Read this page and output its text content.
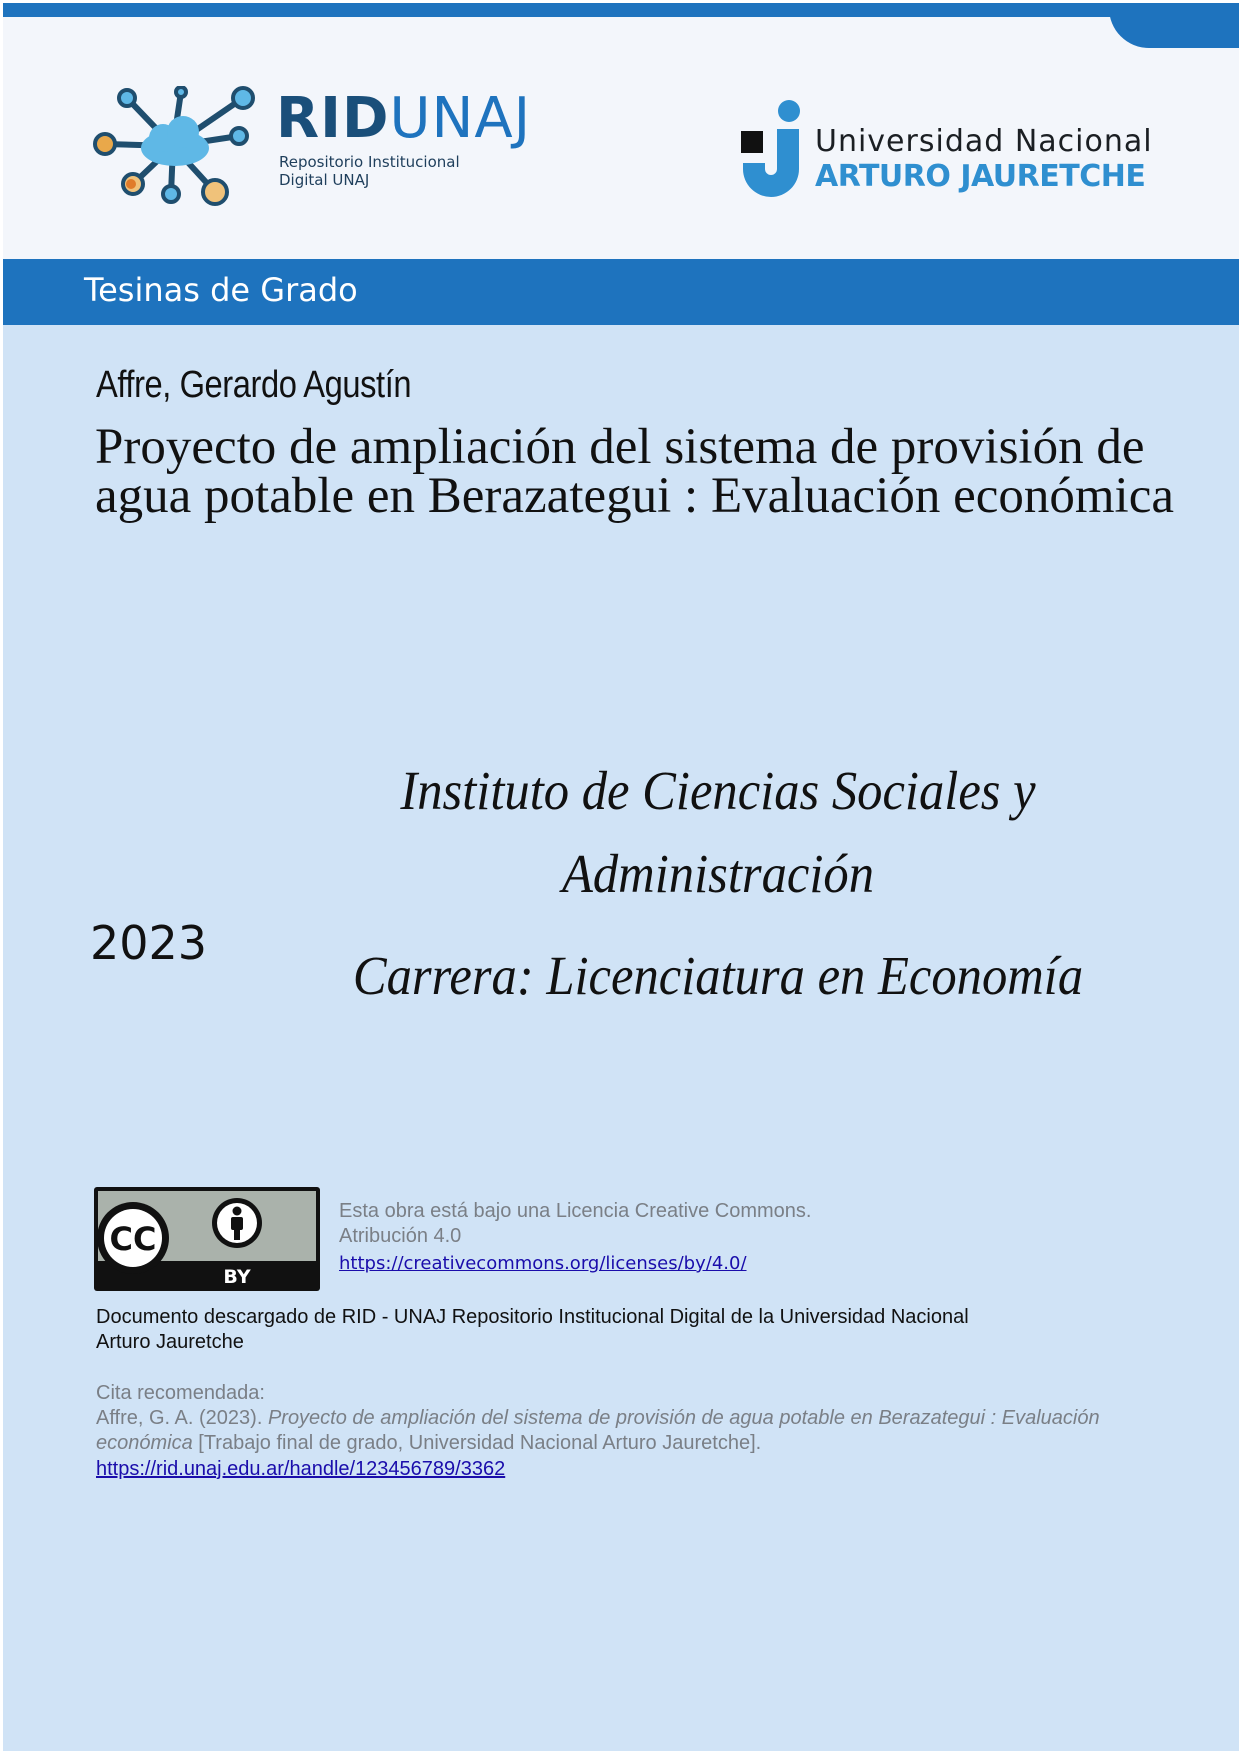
RIDUNAJ
Repositorio Institucional
Digital UNAJ
Universidad Nacional
ARTURO JAURETCHE
Tesinas de Grado
Affre, Gerardo Agustín
Proyecto de ampliación del sistema de provisión de agua potable en Berazategui : Evaluación económica
Instituto de Ciencias Sociales y Administración
Carrera: Licenciatura en Economía
2023
CC
BY
Esta obra está bajo una Licencia Creative Commons.
Atribución 4.0
https://creativecommons.org/licenses/by/4.0/
Documento descargado de RID - UNAJ Repositorio Institucional Digital de la Universidad Nacional Arturo Jauretche
Cita recomendada:
Affre, G. A. (2023). Proyecto de ampliación del sistema de provisión de agua potable en Berazategui : Evaluación económica [Trabajo final de grado, Universidad Nacional Arturo Jauretche].
https://rid.unaj.edu.ar/handle/123456789/3362
